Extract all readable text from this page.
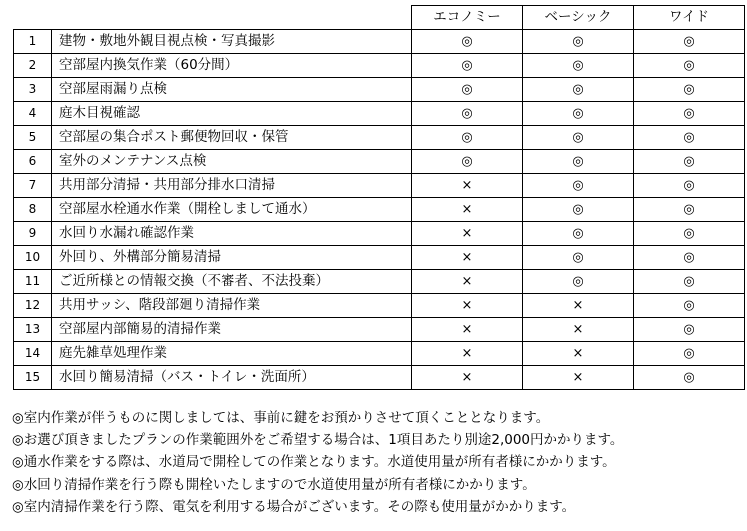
		エコノミー	ベーシック	ワイド
1	建物・敷地外観目視点検・写真撮影	◎	◎	◎
2	空部屋内換気作業（60分間）	◎	◎	◎
3	空部屋雨漏り点検	◎	◎	◎
4	庭木目視確認	◎	◎	◎
5	空部屋の集合ポスト郵便物回収・保管	◎	◎	◎
6	室外のメンテナンス点検	◎	◎	◎
7	共用部分清掃・共用部分排水口清掃	×	◎	◎
8	空部屋水栓通水作業（開栓しまして通水）	×	◎	◎
9	水回り水漏れ確認作業	×	◎	◎
10	外回り、外構部分簡易清掃	×	◎	◎
11	ご近所様との情報交換（不審者、不法投棄）	×	◎	◎
12	共用サッシ、階段部廻り清掃作業	×	×	◎
13	空部屋内部簡易的清掃作業	×	×	◎
14	庭先雑草処理作業	×	×	◎
15	水回り簡易清掃（バス・トイレ・洗面所）	×	×	◎
◎室内作業が伴うものに関しましては、事前に鍵をお預かりさせて頂くこととなります。
◎お選び頂きましたプランの作業範囲外をご希望する場合は、1項目あたり別途2,000円かかります。
◎通水作業をする際は、水道局で開栓しての作業となります。水道使用量が所有者様にかかります。
◎水回り清掃作業を行う際も開栓いたしますので水道使用量が所有者様にかかります。
◎室内清掃作業を行う際、電気を利用する場合がございます。その際も使用量がかかります。
